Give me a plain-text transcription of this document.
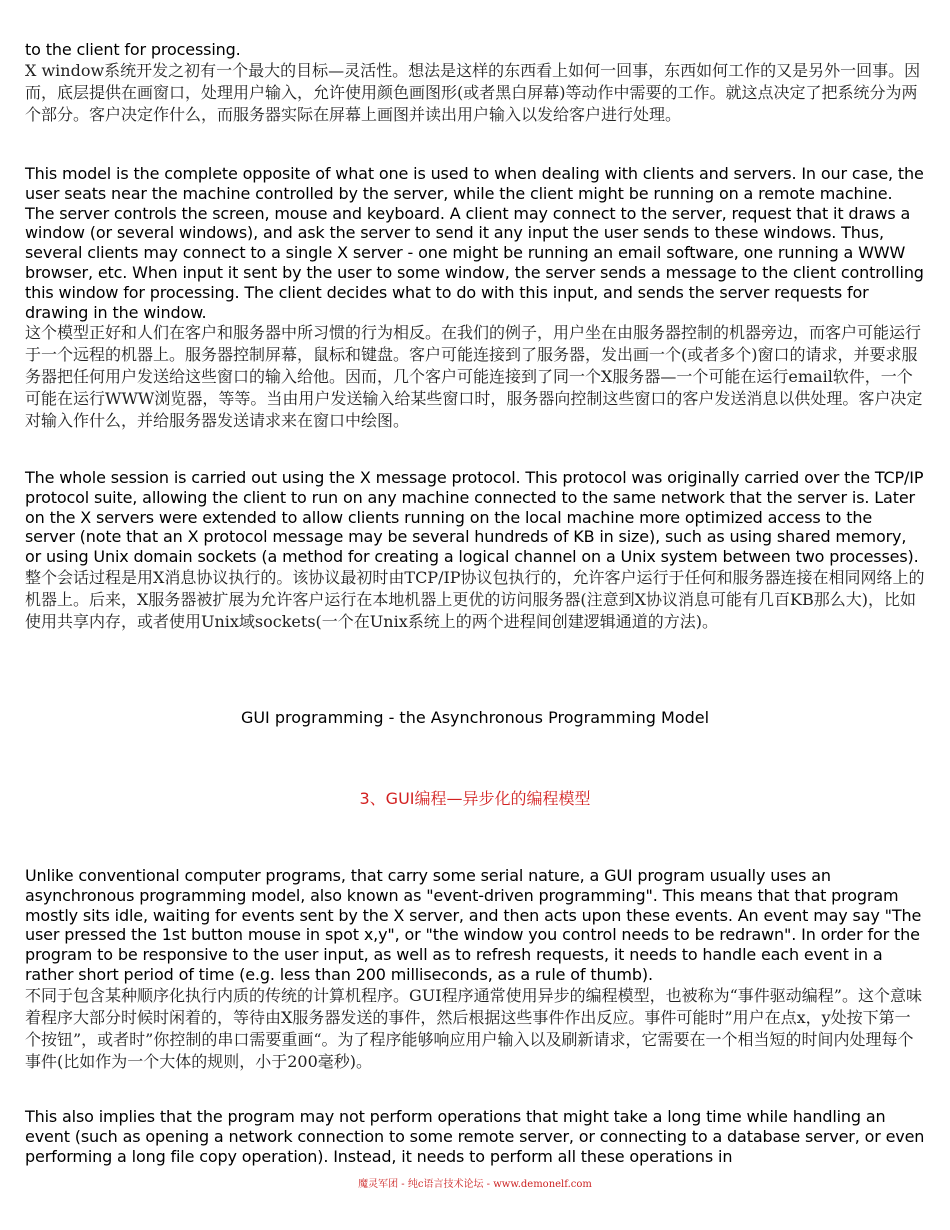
to the client for processing.

X window系统开发之初有一个最大的目标—灵活性。想法是这样的东西看上如何一回事，东西如何工作的又是另外一回事。因而，底层提供在画窗口，处理用户输入，允许使用颜色画图形(或者黑白屏幕)等动作中需要的工作。就这点决定了把系统分为两个部分。客户决定作什么，而服务器实际在屏幕上画图并读出用户输入以发给客户进行处理。

This model is the complete opposite of what one is used to when dealing with clients and servers. In our case, the user seats near the machine controlled by the server, while the client might be running on a remote machine. The server controls the screen, mouse and keyboard. A client may connect to the server, request that it draws a window (or several windows), and ask the server to send it any input the user sends to these windows. Thus, several clients may connect to a single X server - one might be running an email software, one running a WWW browser, etc. When input it sent by the user to some window, the server sends a message to the client controlling this window for processing. The client decides what to do with this input, and sends the server requests for drawing in the window.

这个模型正好和人们在客户和服务器中所习惯的行为相反。在我们的例子，用户坐在由服务器控制的机器旁边，而客户可能运行于一个远程的机器上。服务器控制屏幕，鼠标和键盘。客户可能连接到了服务器，发出画一个(或者多个)窗口的请求，并要求服务器把任何用户发送给这些窗口的输入给他。因而，几个客户可能连接到了同一个X服务器—一个可能在运行email软件，一个可能在运行WWW浏览器，等等。当由用户发送输入给某些窗口时，服务器向控制这些窗口的客户发送消息以供处理。客户决定对输入作什么，并给服务器发送请求来在窗口中绘图。

The whole session is carried out using the X message protocol. This protocol was originally carried over the TCP/IP protocol suite, allowing the client to run on any machine connected to the same network that the server is. Later on the X servers were extended to allow clients running on the local machine more optimized access to the server (note that an X protocol message may be several hundreds of KB in size), such as using shared memory, or using Unix domain sockets (a method for creating a logical channel on a Unix system between two processes).

整个会话过程是用X消息协议执行的。该协议最初时由TCP/IP协议包执行的，允许客户运行于任何和服务器连接在相同网络上的机器上。后来，X服务器被扩展为允许客户运行在本地机器上更优的访问服务器(注意到X协议消息可能有几百KB那么大)，比如使用共享内存，或者使用Unix域sockets(一个在Unix系统上的两个进程间创建逻辑通道的方法)。

GUI programming - the Asynchronous Programming Model

3、GUI编程—异步化的编程模型

Unlike conventional computer programs, that carry some serial nature, a GUI program usually uses an asynchronous programming model, also known as "event-driven programming". This means that that program mostly sits idle, waiting for events sent by the X server, and then acts upon these events. An event may say "The user pressed the 1st button mouse in spot x,y", or "the window you control needs to be redrawn". In order for the program to be responsive to the user input, as well as to refresh requests, it needs to handle each event in a rather short period of time (e.g. less than 200 milliseconds, as a rule of thumb).

不同于包含某种顺序化执行内质的传统的计算机程序。GUI程序通常使用异步的编程模型，也被称为“事件驱动编程”。这个意味着程序大部分时候时闲着的，等待由X服务器发送的事件，然后根据这些事件作出反应。事件可能时”用户在点x，y处按下第一个按钮”，或者时”你控制的串口需要重画“。为了程序能够响应用户输入以及刷新请求，它需要在一个相当短的时间内处理每个事件(比如作为一个大体的规则，小于200毫秒)。

This also implies that the program may not perform operations that might take a long time while handling an event (such as opening a network connection to some remote server, or connecting to a database server, or even performing a long file copy operation). Instead, it needs to perform all these operations in

魔灵军团 - 纯c语言技术论坛 - www.demonelf.com
